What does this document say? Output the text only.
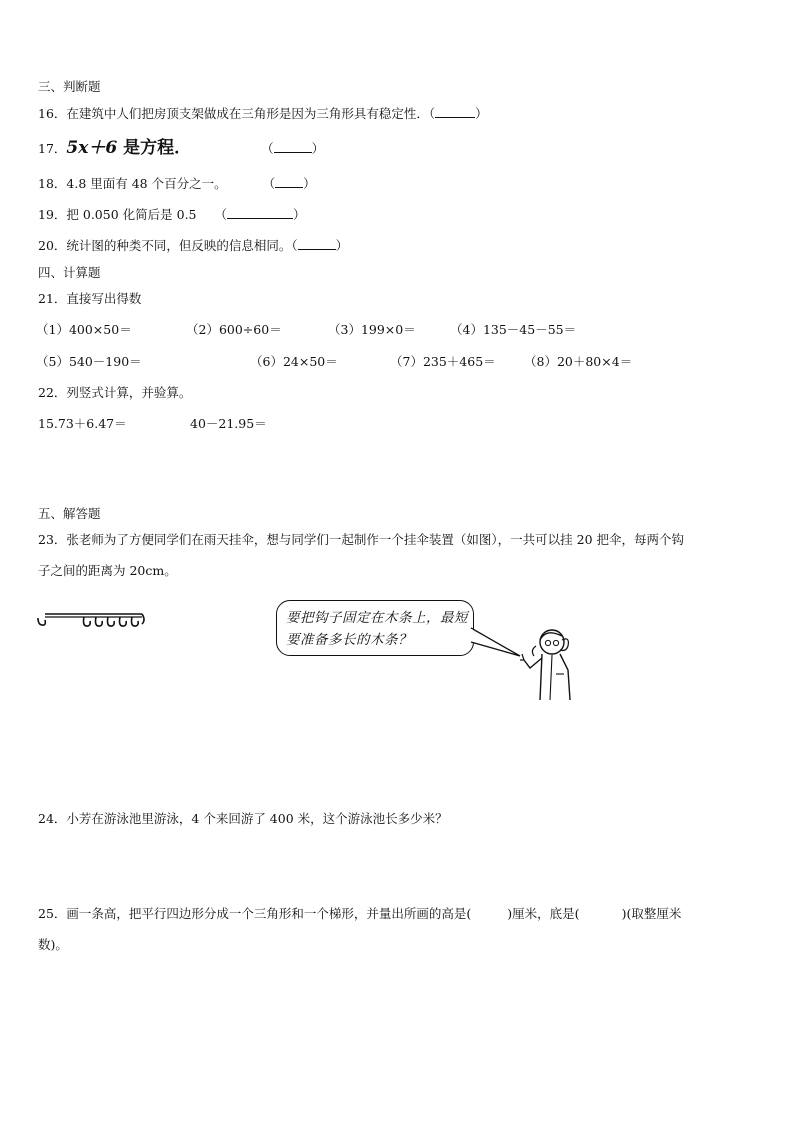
三、判断题
16．在建筑中人们把房顶支架做成在三角形是因为三角形具有稳定性．（	）
17．5x＋6 是方程．	（	）
18．4.8 里面有 48 个百分之一。	（ ）
19．把 0.050 化简后是 0.5 （	）
20．统计图的种类不同，但反映的信息相同。（	）
四、计算题
21．直接写出得数
（1）400×50＝	（2）600÷60＝	（3）199×0＝	（4）135－45－55＝
（5）540－190＝	（6）24×50＝	（7）235＋465＝ （8）20＋80×4＝
22．列竖式计算，并验算。
15.73＋6.47＝	40－21.95＝
五、解答题
23．张老师为了方便同学们在雨天挂伞，想与同学们一起制作一个挂伞装置（如图），一共可以挂 20 把伞，每两个钩
子之间的距离为 20cm。
要把钩子固定在木条上，最短要准备多长的木条？
24．小芳在游泳池里游泳，4 个来回游了 400 米，这个游泳池长多少米？
25．画一条高，把平行四边形分成一个三角形和一个梯形，并量出所画的高是(	)厘米，底是(	)(取整厘米
数)。
